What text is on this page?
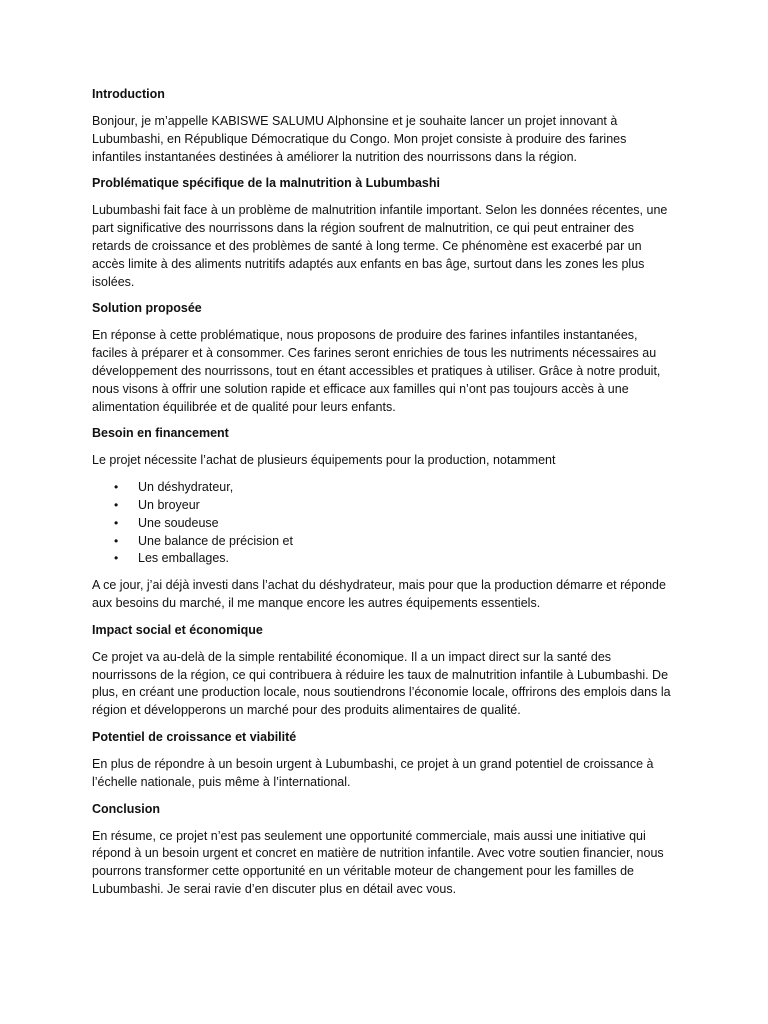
Introduction

Bonjour, je m’appelle KABISWE SALUMU Alphonsine et je souhaite lancer un projet innovant à Lubumbashi, en République Démocratique du Congo. Mon projet consiste à produire des farines infantiles instantanées destinées à améliorer la nutrition des nourrissons dans la région.

Problématique spécifique de la malnutrition à Lubumbashi

Lubumbashi fait face à un problème de malnutrition infantile important. Selon les données récentes, une part significative des nourrissons dans la région soufrent de malnutrition, ce qui peut entrainer des retards de croissance et des problèmes de santé à long terme. Ce phénomène est exacerbé par un accès limite à des aliments nutritifs adaptés aux enfants en bas âge, surtout dans les zones les plus isolées.

Solution proposée

En réponse à cette problématique, nous proposons de produire des farines infantiles instantanées, faciles à préparer et à consommer. Ces farines seront enrichies de tous les nutriments nécessaires au développement des nourrissons, tout en étant accessibles et pratiques à utiliser. Grâce à notre produit, nous visons à offrir une solution rapide et efficace aux familles qui n’ont pas toujours accès à une alimentation équilibrée et de qualité pour leurs enfants.

Besoin en financement

Le projet nécessite l’achat de plusieurs équipements pour la production, notamment

• Un déshydrateur,
• Un broyeur
• Une soudeuse
• Une balance de précision et
• Les emballages.

A ce jour, j’ai déjà investi dans l’achat du déshydrateur, mais pour que la production démarre et réponde aux besoins du marché, il me manque encore les autres équipements essentiels.

Impact social et économique

Ce projet va au-delà de la simple rentabilité économique. Il a un impact direct sur la santé des nourrissons de la région, ce qui contribuera à réduire les taux de malnutrition infantile à Lubumbashi. De plus, en créant une production locale, nous soutiendrons l’économie locale, offrirons des emplois dans la région et développerons un marché pour des produits alimentaires de qualité.

Potentiel de croissance et viabilité

En plus de répondre à un besoin urgent à Lubumbashi, ce projet à un grand potentiel de croissance à l’échelle nationale, puis même à l’international.

Conclusion

En résume, ce projet n’est pas seulement une opportunité commerciale, mais aussi une initiative qui répond à un besoin urgent et concret en matière de nutrition infantile. Avec votre soutien financier, nous pourrons transformer cette opportunité en un véritable moteur de changement pour les familles de Lubumbashi. Je serai ravie d’en discuter plus en détail avec vous.
